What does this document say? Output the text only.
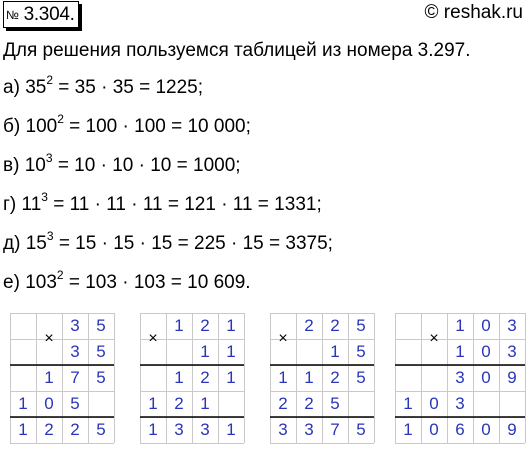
№ 3.304.	© reshak.ru
Для решения пользуемся таблицей из номера 3.297.
а) $35^2 = 35 \cdot 35 = 1225$;
б) $100^2 = 100 \cdot 100 = 10$ 000;
в) $10^3 = 10 \cdot 10 \cdot 10 = 1000$;
г) $11^3 = 11 \cdot 11 \cdot 11 = 121 \cdot 11 = 1331$;
д) $15^3 = 15 \cdot 15 \cdot 15 = 225 \cdot 15 = 3375$;
е) $103^2 = 103 \cdot 103 = 10$ 609.
×
3 5
3 5
1 7 5
1 0 5
1 2 2 5
×
1 2 1
1 1
1 2 1
1 2 1
1 3 3 1
×
2 2 5
1 5
1 1 2 5
2 2 5
3 3 7 5
×
1 0 3
1 0 3
3 0 9
1 0 3
1 0 6 0 9
